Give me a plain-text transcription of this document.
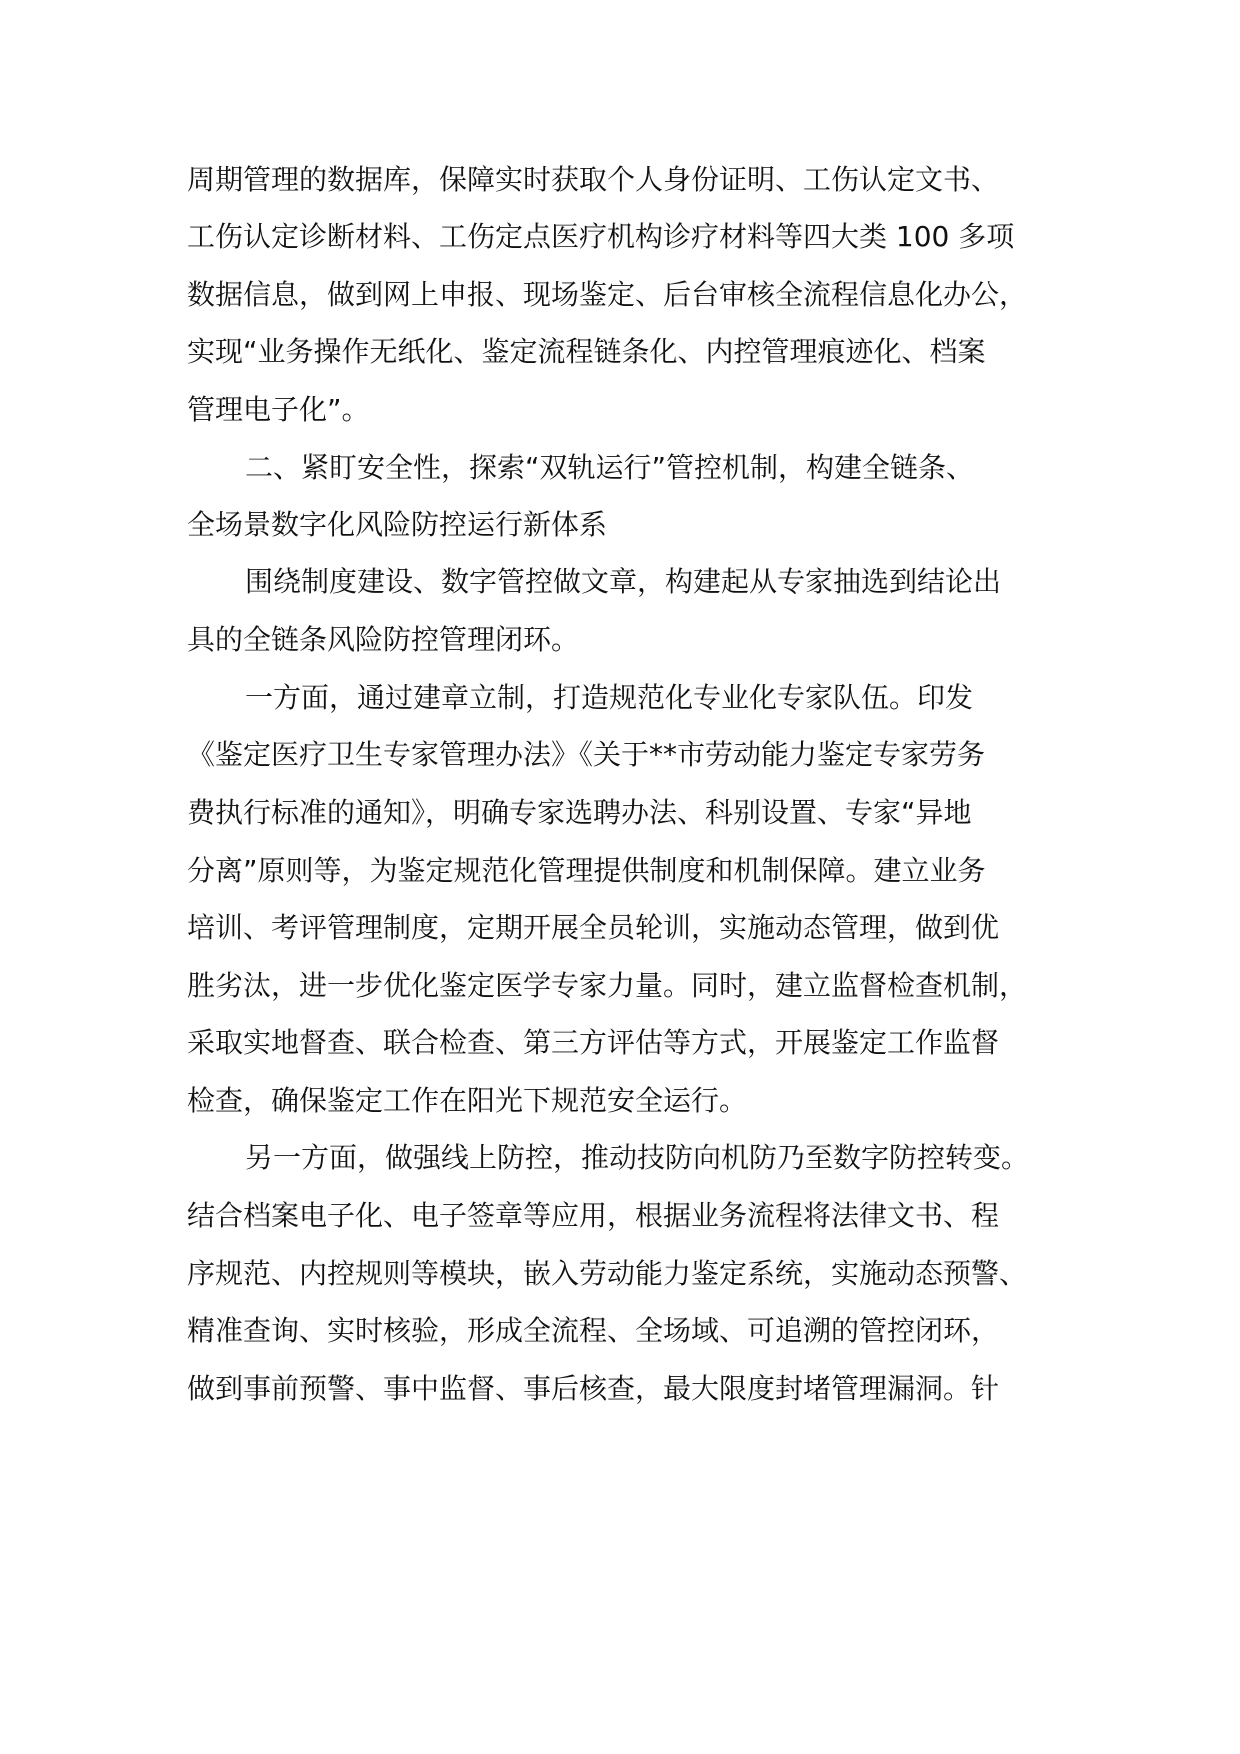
周期管理的数据库，保障实时获取个人身份证明、工伤认定文书、
工伤认定诊断材料、工伤定点医疗机构诊疗材料等四大类 100 多项
数据信息，做到网上申报、现场鉴定、后台审核全流程信息化办公，
实现“业务操作无纸化、鉴定流程链条化、内控管理痕迹化、档案
管理电子化”。
二、紧盯安全性，探索“双轨运行”管控机制，构建全链条、
全场景数字化风险防控运行新体系
围绕制度建设、数字管控做文章，构建起从专家抽选到结论出
具的全链条风险防控管理闭环。
一方面，通过建章立制，打造规范化专业化专家队伍。印发
《鉴定医疗卫生专家管理办法》《关于**市劳动能力鉴定专家劳务
费执行标准的通知》，明确专家选聘办法、科别设置、专家“异地
分离”原则等，为鉴定规范化管理提供制度和机制保障。建立业务
培训、考评管理制度，定期开展全员轮训，实施动态管理，做到优
胜劣汰，进一步优化鉴定医学专家力量。同时，建立监督检查机制，
采取实地督查、联合检查、第三方评估等方式，开展鉴定工作监督
检查，确保鉴定工作在阳光下规范安全运行。
另一方面，做强线上防控，推动技防向机防乃至数字防控转变。
结合档案电子化、电子签章等应用，根据业务流程将法律文书、程
序规范、内控规则等模块，嵌入劳动能力鉴定系统，实施动态预警、
精准查询、实时核验，形成全流程、全场域、可追溯的管控闭环，
做到事前预警、事中监督、事后核查，最大限度封堵管理漏洞。针
